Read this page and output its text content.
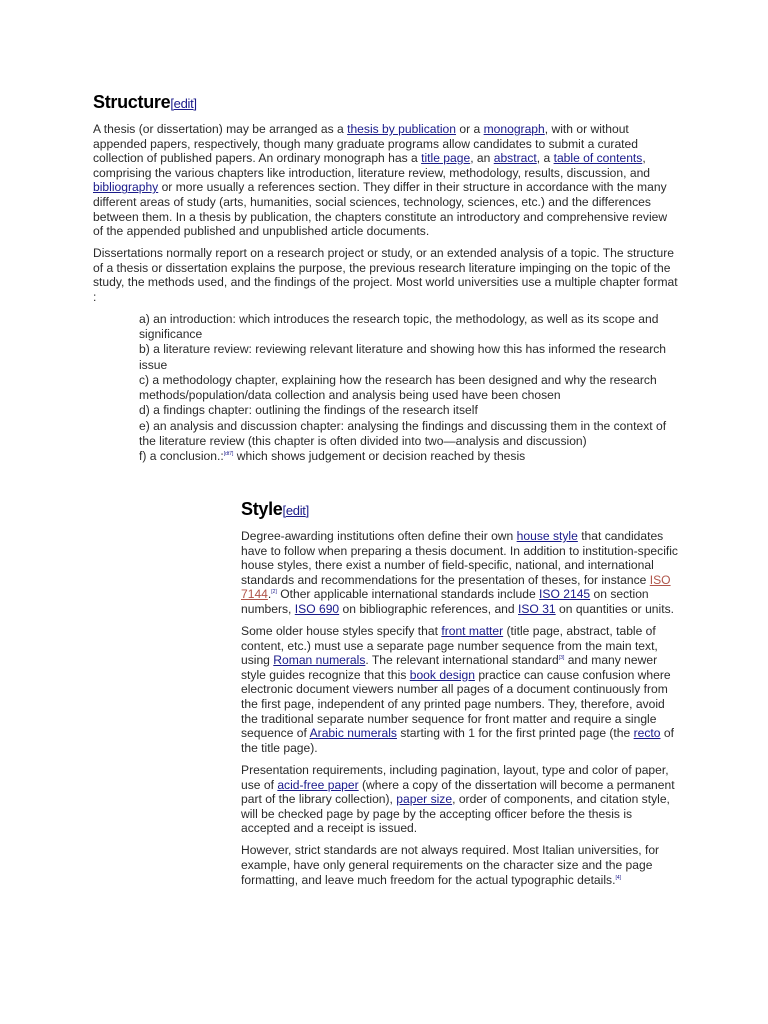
Structure[edit]

A thesis (or dissertation) may be arranged as a thesis by publication or a monograph, with or without appended papers, respectively, though many graduate programs allow candidates to submit a curated collection of published papers. An ordinary monograph has a title page, an abstract, a table of contents, comprising the various chapters like introduction, literature review, methodology, results, discussion, and bibliography or more usually a references section. They differ in their structure in accordance with the many different areas of study (arts, humanities, social sciences, technology, sciences, etc.) and the differences between them. In a thesis by publication, the chapters constitute an introductory and comprehensive review of the appended published and unpublished article documents.

Dissertations normally report on a research project or study, or an extended analysis of a topic. The structure of a thesis or dissertation explains the purpose, the previous research literature impinging on the topic of the study, the methods used, and the findings of the project. Most world universities use a multiple chapter format :

a) an introduction: which introduces the research topic, the methodology, as well as its scope and significance
b) a literature review: reviewing relevant literature and showing how this has informed the research issue
c) a methodology chapter, explaining how the research has been designed and why the research methods/population/data collection and analysis being used have been chosen
d) a findings chapter: outlining the findings of the research itself
e) an analysis and discussion chapter: analysing the findings and discussing them in the context of the literature review (this chapter is often divided into two—analysis and discussion)
f) a conclusion.:[dt7] which shows judgement or decision reached by thesis
Style[edit]

Degree-awarding institutions often define their own house style that candidates have to follow when preparing a thesis document. In addition to institution-specific house styles, there exist a number of field-specific, national, and international standards and recommendations for the presentation of theses, for instance ISO 7144.[2] Other applicable international standards include ISO 2145 on section numbers, ISO 690 on bibliographic references, and ISO 31 on quantities or units.

Some older house styles specify that front matter (title page, abstract, table of content, etc.) must use a separate page number sequence from the main text, using Roman numerals. The relevant international standard[3] and many newer style guides recognize that this book design practice can cause confusion where electronic document viewers number all pages of a document continuously from the first page, independent of any printed page numbers. They, therefore, avoid the traditional separate number sequence for front matter and require a single sequence of Arabic numerals starting with 1 for the first printed page (the recto of the title page).

Presentation requirements, including pagination, layout, type and color of paper, use of acid-free paper (where a copy of the dissertation will become a permanent part of the library collection), paper size, order of components, and citation style, will be checked page by page by the accepting officer before the thesis is accepted and a receipt is issued.

However, strict standards are not always required. Most Italian universities, for example, have only general requirements on the character size and the page formatting, and leave much freedom for the actual typographic details.[4]
